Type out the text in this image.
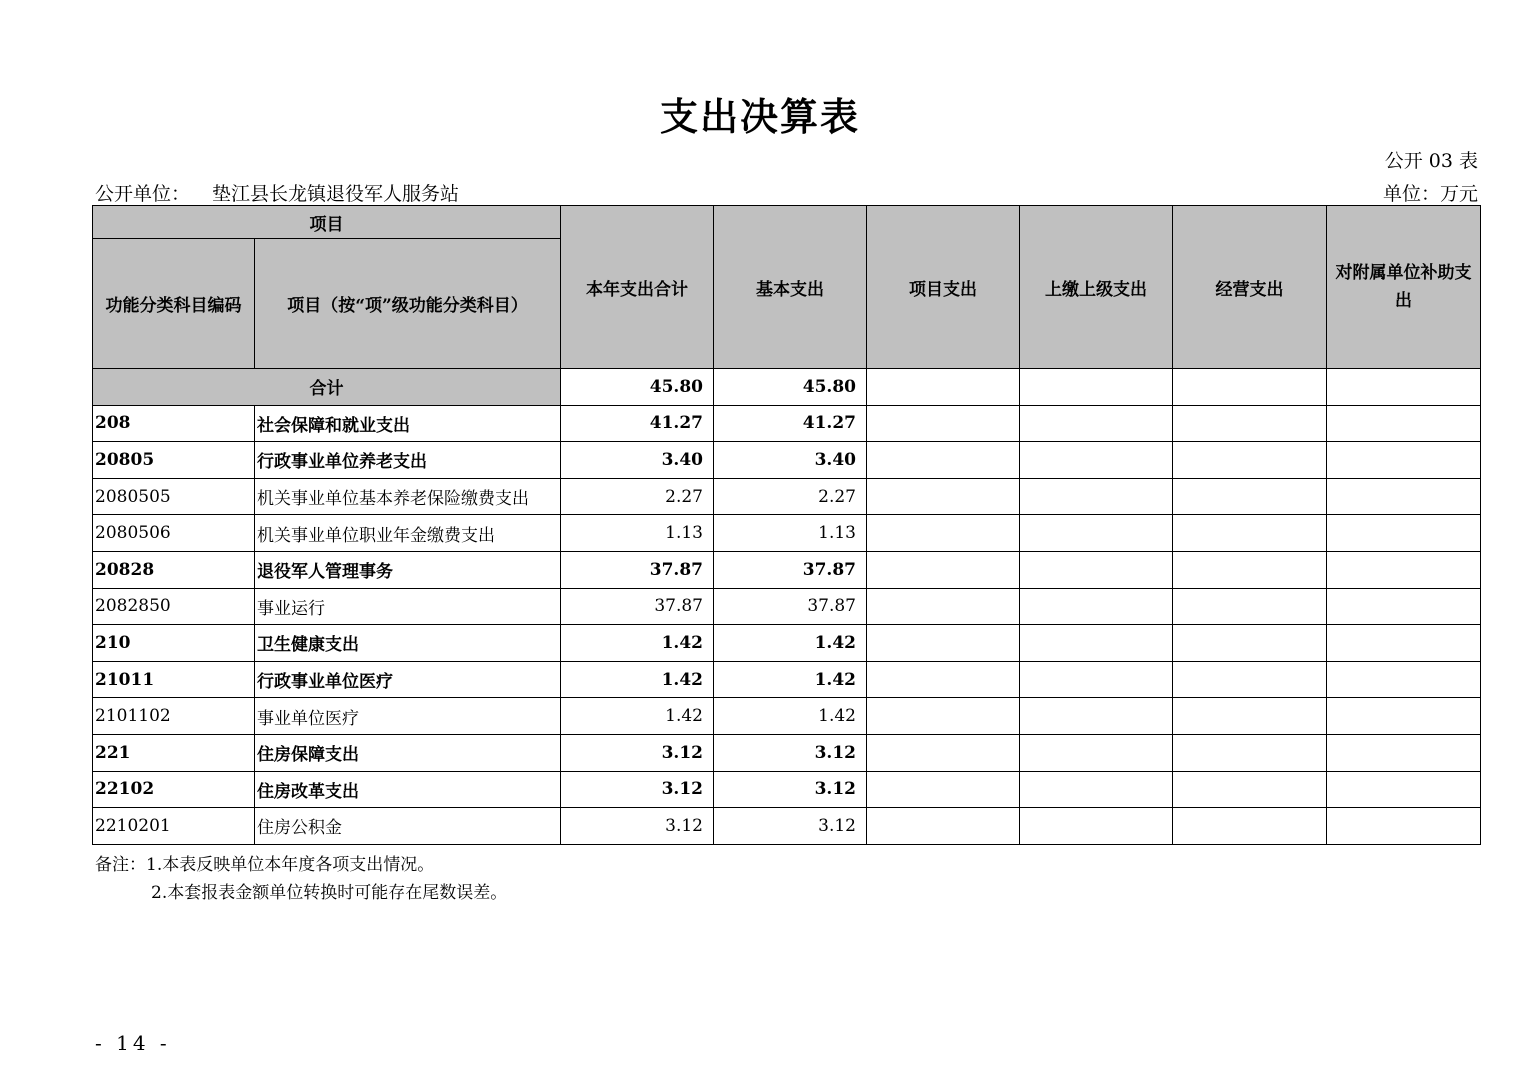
支出决算表
公开 03 表
公开单位： 垫江县长龙镇退役军人服务站	单位：万元
项目		本年支出合计	基本支出	项目支出	上缴上级支出	经营支出	对附属单位补助支出
功能分类科目编码	项目（按“项”级功能分类科目）						
合计		45.80	45.80				
208	社会保障和就业支出	41.27	41.27				
20805	行政事业单位养老支出	3.40	3.40				
2080505	机关事业单位基本养老保险缴费支出	2.27	2.27				
2080506	机关事业单位职业年金缴费支出	1.13	1.13				
20828	退役军人管理事务	37.87	37.87				
2082850	事业运行	37.87	37.87				
210	卫生健康支出	1.42	1.42				
21011	行政事业单位医疗	1.42	1.42				
2101102	事业单位医疗	1.42	1.42				
221	住房保障支出	3.12	3.12				
22102	住房改革支出	3.12	3.12				
2210201	住房公积金	3.12	3.12				
备注：1.本表反映单位本年度各项支出情况。
2.本套报表金额单位转换时可能存在尾数误差。
- 14 -
